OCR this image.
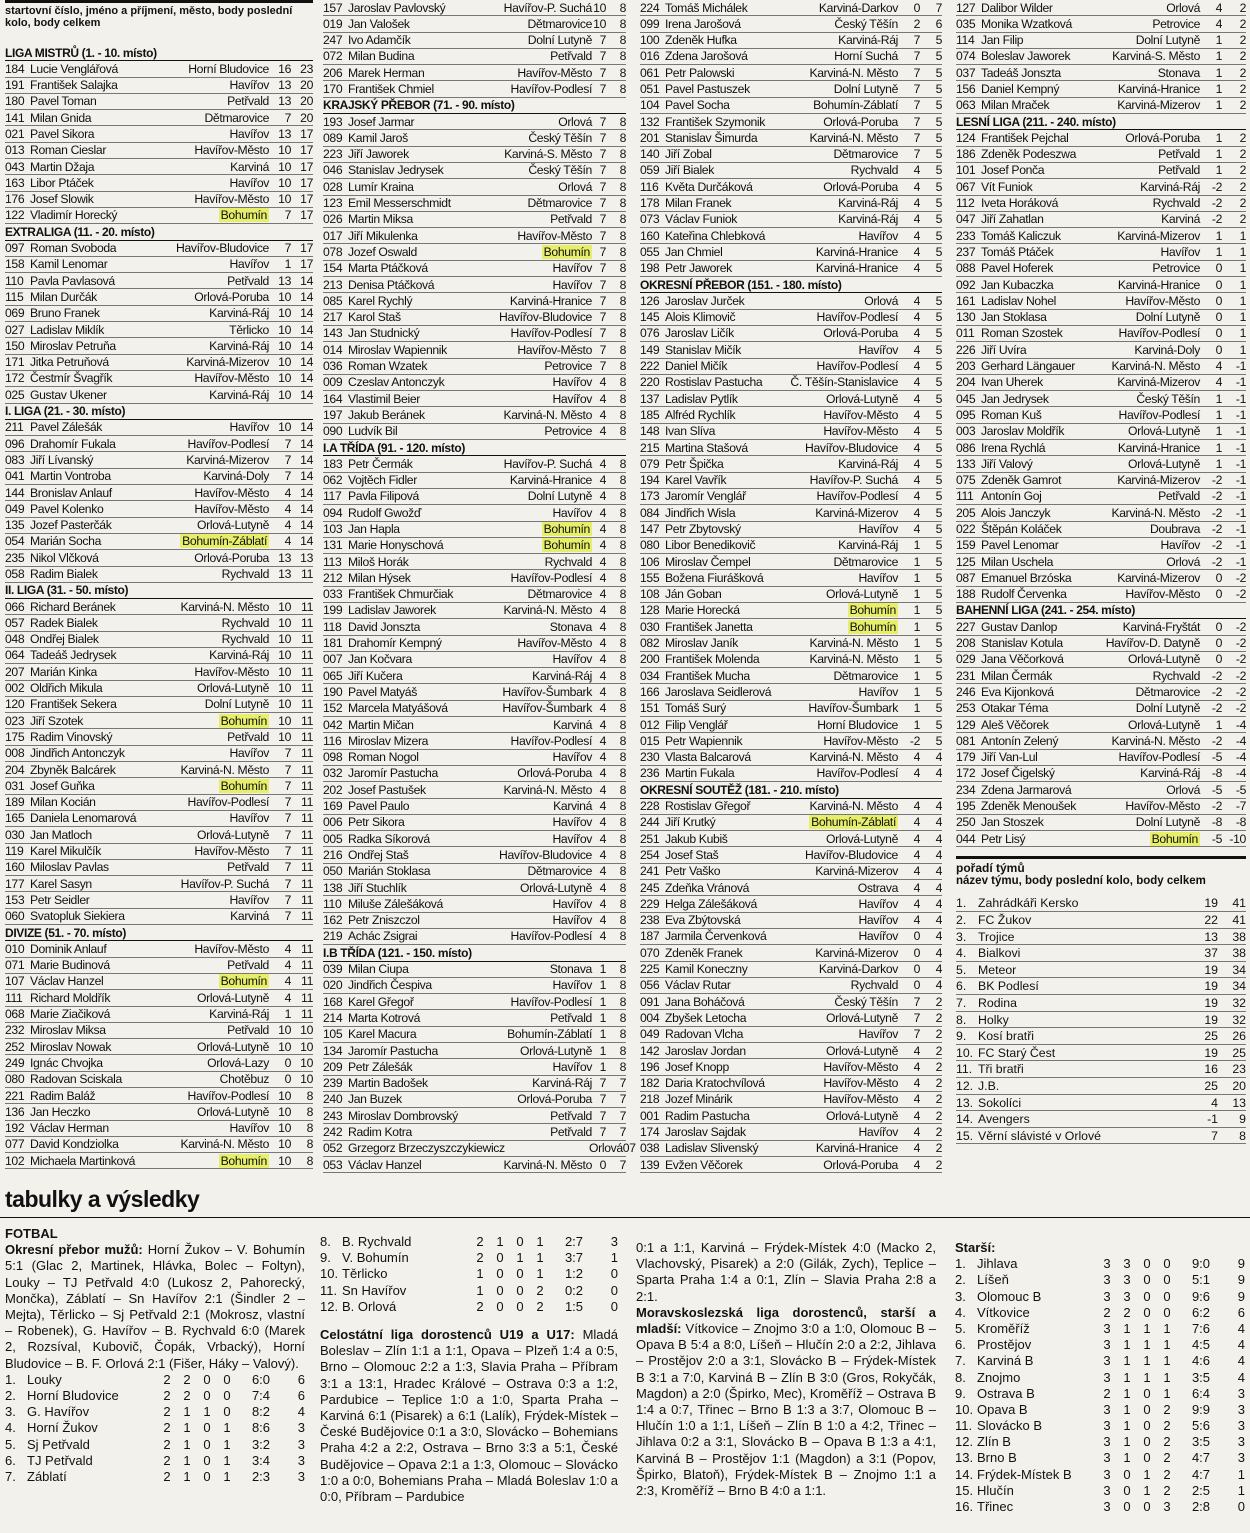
startovní číslo, jméno a příjmení, město, body poslední kolo, body celkem
LIGA MISTRŮ (1. - 10. místo)
184 Lucie Venglářová	Horní Bludovice 16 23
191 František Salajka	Havířov 13 20
180 Pavel Toman	Petřvald 13 20
141 Milan Gnida	Dětmarovice	7 20
021 Pavel Sikora	Havířov 13 17
013 Roman Cieslar	Havířov-Město 10 17
043 Martin Džaja	Karviná 10 17
163 Libor Ptáček	Havířov 10 17
176 Josef Slowik	Havířov-Město 10 17
122 Vladimír Horecký	Bohumín	7 17
EXTRALIGA (11. - 20. místo)
097 Roman Svoboda	Havířov-Bludovice	7 17
158 Kamil Lenomar	Havířov	1 17
110 Pavla Pavlasová	Petřvald 13 14
115 Milan Durčák	Orlová-Poruba 10 14
069 Bruno Franek	Karviná-Ráj 10 14
027 Ladislav Miklík	Těrlicko 10 14
150 Miroslav Petruňa	Karviná-Ráj 10 14
171 Jitka Petruňová	Karviná-Mizerov 10 14
172 Čestmír Švagřík	Havířov-Město 10 14
025 Gustav Ukener	Karviná-Ráj 10 14
I. LIGA (21. - 30. místo)
211 Pavel Zálešák	Havířov 10 14
096 Drahomír Fukala	Havířov-Podlesí	7 14
083 Jiří Lívanský	Karviná-Mizerov	7 14
041 Martin Vontroba	Karviná-Doly	7 14
144 Bronislav Anlauf	Havířov-Město	4 14
049 Pavel Kolenko	Havířov-Město	4 14
135 Jozef Pasterčák	Orlová-Lutyně	4 14
054 Marián Socha	Bohumín-Záblatí	4 14
235 Nikol Vlčková	Orlová-Poruba 13 13
058 Radim Bialek	Rychvald 13 11
II. LIGA (31. - 50. místo)
066 Richard Beránek	Karviná-N. Město 10 11
057 Radek Bialek	Rychvald 10 11
048 Ondřej Bialek	Rychvald 10 11
064 Tadeáš Jedrysek	Karviná-Ráj 10 11
207 Marián Kinka	Havířov-Město 10 11
002 Oldřich Mikula	Orlová-Lutyně 10 11
120 František Sekera	Dolní Lutyně 10 11
023 Jiří Szotek	Bohumín 10 11
175 Radim Vinovský	Petřvald 10 11
008 Jindřich Antonczyk	Havířov	7 11
204 Zbyněk Balcárek	Karviná-N. Město	7 11
031 Josef Guňka	Bohumín	7 11
189 Milan Kocián	Havířov-Podlesí	7 11
165 Daniela Lenomarová	Havířov	7 11
030 Jan Matloch	Orlová-Lutyně	7 11
119 Karel Mikulčík	Havířov-Město	7 11
160 Miloslav Pavlas	Petřvald	7 11
177 Karel Sasyn	Havířov-P. Suchá	7 11
153 Petr Seidler	Havířov	7 11
060 Svatopluk Siekiera	Karviná	7 11
DIVIZE (51. - 70. místo)
010 Dominik Anlauf	Havířov-Město	4 11
071 Marie Budinová	Petřvald	4 11
107 Václav Hanzel	Bohumín	4 11
111 Richard Moldřík	Orlová-Lutyně	4 11
068 Marie Ziačiková	Karviná-Ráj	1 11
232 Miroslav Miksa	Petřvald 10 10
252 Miroslav Nowak	Orlová-Lutyně 10 10
249 Ignác Chvojka	Orlová-Lazy	0 10
080 Radovan Sciskala	Chotěbuz	0 10
221 Radim Baláž	Havířov-Podlesí 10	8
136 Jan Heczko	Orlová-Lutyně 10	8
192 Václav Herman	Havířov 10	8
077 David Kondziolka	Karviná-N. Město 10	8
102 Michaela Martinková	Bohumín 10	8
157 Jaroslav Pavlovský	Havířov-P. Suchá 10	8
019 Jan Valošek	Dětmarovice 10	8
247 Ivo Adamčík	Dolní Lutyně 7	8
072 Milan Budina	Petřvald 7	8
206 Marek Herman	Havířov-Město 7	8
170 František Chmiel	Havířov-Podlesí 7	8
KRAJSKÝ PŘEBOR (71. - 90. místo)
193 Josef Jarmar	Orlová 7	8
089 Kamil Jaroš	Český Těšín 7	8
223 Jiří Jaworek	Karviná-S. Město 7	8
046 Stanislav Jedrysek	Český Těšín 7	8
028 Lumír Kraina	Orlová 7	8
123 Emil Messerschmidt	Dětmarovice 7	8
026 Martin Miksa	Petřvald 7	8
017 Jiří Mikulenka	Havířov-Město 7	8
078 Jozef Oswald	Bohumín 7	8
154 Marta Ptáčková	Havířov 7	8
213 Denisa Ptáčková	Havířov 7	8
085 Karel Rychlý	Karviná-Hranice 7	8
217 Karol Staš	Havířov-Bludovice 7	8
143 Jan Studnický	Havířov-Podlesí 7	8
014 Miroslav Wapiennik	Havířov-Město 7	8
036 Roman Wzatek	Petrovice 7	8
009 Czeslav Antonczyk	Havířov 4	8
164 Vlastimil Beier	Havířov 4	8
197 Jakub Beránek	Karviná-N. Město 4	8
090 Ludvík Bil	Petrovice 4	8
I.A TŘÍDA (91. - 120. místo)
183 Petr Čermák	Havířov-P. Suchá 4	8
062 Vojtěch Fidler	Karviná-Hranice 4	8
117 Pavla Filipová	Dolní Lutyně 4	8
094 Rudolf Gwožď	Havířov 4	8
103 Jan Hapla	Bohumín 4	8
131 Marie Honyschová	Bohumín 4	8
113 Miloš Horák	Rychvald 4	8
212 Milan Hýsek	Havířov-Podlesí 4	8
033 František Chmurčiak	Dětmarovice 4	8
199 Ladislav Jaworek	Karviná-N. Město 4	8
118 David Jonszta	Stonava 4	8
181 Drahomír Kempný	Havířov-Město 4	8
007 Jan Kočvara	Havířov 4	8
065 Jiří Kučera	Karviná-Ráj 4	8
190 Pavel Matyáš	Havířov-Šumbark 4	8
152 Marcela Matyášová	Havířov-Šumbark 4	8
042 Martin Mičan	Karviná 4	8
116 Miroslav Mizera	Havířov-Podlesí 4	8
098 Roman Nogol	Havířov 4	8
032 Jaromír Pastucha	Orlová-Poruba 4	8
202 Josef Pastušek	Karviná-N. Město 4	8
169 Pavel Paulo	Karviná 4	8
006 Petr Sikora	Havířov 4	8
005 Radka Síkorová	Havířov 4	8
216 Ondřej Staš	Havířov-Bludovice 4	8
050 Marián Stoklasa	Dětmarovice 4	8
138 Jiří Stuchlík	Orlová-Lutyně 4	8
110 Miluše Zálešáková	Havířov 4	8
162 Petr Zniszczol	Havířov 4	8
219 Achác Zsigrai	Havířov-Podlesí 4	8
I.B TŘÍDA (121. - 150. místo)
039 Milan Ciupa	Stonava 1	8
020 Jindřich Čespiva	Havířov 1	8
168 Karel Gřegoř	Havířov-Podlesí 1	8
214 Marta Kotrová	Petřvald 1	8
105 Karel Macura	Bohumín-Záblatí 1	8
134 Jaromír Pastucha	Orlová-Lutyně 1	8
209 Petr Zálešák	Havířov 1	8
239 Martin Badošek	Karviná-Ráj 7	7
240 Jan Buzek	Orlová-Poruba 7	7
243 Miroslav Dombrovský	Petřvald 7	7
242 Radim Kotra	Petřvald 7	7
052 Grzegorz Brzeczyszczykiewicz	Orlová 0 7
053 Václav Hanzel	Karviná-N. Město 0	7
224 Tomáš Michálek	Karviná-Darkov	0	7
099 Irena Jarošová	Český Těšín	2	6
100 Zdeněk Hufka	Karviná-Ráj	7	5
016 Zdena Jarošová	Horní Suchá	7	5
061 Petr Palowski	Karviná-N. Město	7	5
051 Pavel Pastuszek	Dolní Lutyně	7	5
104 Pavel Socha	Bohumín-Záblatí	7	5
132 František Szymonik	Orlová-Poruba	7	5
201 Stanislav Šimurda	Karviná-N. Město	7	5
140 Jiří Zobal	Dětmarovice	7	5
059 Jiří Bialek	Rychvald	4	5
116 Květa Durčáková	Orlová-Poruba	4	5
178 Milan Franek	Karviná-Ráj	4	5
073 Václav Funiok	Karviná-Ráj	4	5
160 Kateřina Chlebková	Havířov	4	5
055 Jan Chmiel	Karviná-Hranice	4	5
198 Petr Jaworek	Karviná-Hranice	4	5
OKRESNÍ PŘEBOR (151. - 180. místo)
126 Jaroslav Jurček	Orlová	4	5
145 Alois Klimovič	Havířov-Podlesí	4	5
076 Jaroslav Ličík	Orlová-Poruba	4	5
149 Stanislav Mičík	Havířov	4	5
222 Daniel Mičík	Havířov-Podlesí	4	5
220 Rostislav Pastucha	Č. Těšín-Stanislavice	4	5
137 Ladislav Pytlík	Orlová-Lutyně	4	5
185 Alfréd Rychlík	Havířov-Město	4	5
148 Ivan Slíva	Havířov-Město	4	5
215 Martina Stašová	Havířov-Bludovice	4	5
079 Petr Špička	Karviná-Ráj	4	5
194 Karel Vavřík	Havířov-P. Suchá	4	5
173 Jaromír Venglář	Havířov-Podlesí	4	5
084 Jindřich Wisla	Karviná-Mizerov	4	5
147 Petr Zbytovský	Havířov	4	5
080 Libor Benedikovič	Karviná-Ráj	1	5
106 Miroslav Čempel	Dětmarovice	1	5
155 Božena Fiurášková	Havířov	1	5
108 Ján Goban	Orlová-Lutyně	1	5
128 Marie Horecká	Bohumín	1	5
030 František Janetta	Bohumín	1	5
082 Miroslav Janík	Karviná-N. Město	1	5
200 František Molenda	Karviná-N. Město	1	5
034 František Mucha	Dětmarovice	1	5
166 Jaroslava Seidlerová	Havířov	1	5
151 Tomáš Surý	Havířov-Šumbark	1	5
012 Filip Venglář	Horní Bludovice	1	5
015 Petr Wapiennik	Havířov-Město -2	5
230 Vlasta Balcarová	Karviná-N. Město	4	4
236 Martin Fukala	Havířov-Podlesí	4	4
OKRESNÍ SOUTĚŽ (181. - 210. místo)
228 Rostislav Gřegoř	Karviná-N. Město	4	4
244 Jiří Krutký	Bohumín-Záblatí	4	4
251 Jakub Kubiš	Orlová-Lutyně	4	4
254 Josef Staš	Havířov-Bludovice	4	4
241 Petr Vaško	Karviná-Mizerov	4	4
245 Zdeňka Vránová	Ostrava	4	4
229 Helga Zálešáková	Havířov	4	4
238 Eva Zbýtovská	Havířov	4	4
187 Jarmila Červenková	Havířov	0	4
070 Zdeněk Franek	Karviná-Mizerov	0	4
225 Kamil Koneczny	Karviná-Darkov	0	4
056 Václav Rutar	Rychvald	0	4
091 Jana Boháčová	Český Těšín	7	2
004 Zbyšek Letocha	Orlová-Lutyně	7	2
049 Radovan Vlcha	Havířov	7	2
142 Jaroslav Jordan	Orlová-Lutyně	4	2
196 Josef Knopp	Havířov-Město	4	2
182 Daria Kratochvílová	Havířov-Město	4	2
218 Jozef Minárik	Havířov-Město	4	2
001 Radim Pastucha	Orlová-Lutyně	4	2
174 Jaroslav Sajdak	Havířov	4	2
038 Ladislav Slivenský	Karviná-Hranice	4	2
139 Evžen Věčorek	Orlová-Poruba	4	2
127 Dalibor Wilder	Orlová	4	2
035 Monika Wzatková	Petrovice	4	2
114 Jan Filip	Dolní Lutyně	1	2
074 Boleslav Jaworek	Karviná-S. Město	1	2
037 Tadeáš Jonszta	Stonava	1	2
156 Daniel Kempný	Karviná-Hranice	1	2
063 Milan Mraček	Karviná-Mizerov	1	2
LESNÍ LIGA (211. - 240. místo)
124 František Pejchal	Orlová-Poruba	1	2
186 Zdeněk Podeszwa	Petřvald	1	2
101 Josef Ponča	Petřvald	1	2
067 Vít Funiok	Karviná-Ráj -2	2
112 Iveta Horáková	Rychvald -2	2
047 Jiří Zahatlan	Karviná -2	2
233 Tomáš Kaliczuk	Karviná-Mizerov	1	1
237 Tomáš Ptáček	Havířov	1	1
088 Pavel Hoferek	Petrovice	0	1
092 Jan Kubaczka	Karviná-Hranice	0	1
161 Ladislav Nohel	Havířov-Město	0	1
130 Jan Stoklasa	Dolní Lutyně	0	1
011 Roman Szostek	Havířov-Podlesí	0	1
226 Jiří Uvíra	Karviná-Doly	0	1
203 Gerhard Längauer	Karviná-N. Město	4	-1
204 Ivan Uherek	Karviná-Mizerov	4	-1
045 Jan Jedrysek	Český Těšín	1	-1
095 Roman Kuš	Havířov-Podlesí	1	-1
003 Jaroslav Moldřík	Orlová-Lutyně	1	-1
086 Irena Rychlá	Karviná-Hranice	1	-1
133 Jiří Valový	Orlová-Lutyně	1	-1
075 Zdeněk Gamrot	Karviná-Mizerov -2	-1
111 Antonín Goj	Petřvald -2	-1
205 Alois Janczyk	Karviná-N. Město -2	-1
022 Štěpán Koláček	Doubrava -2	-1
159 Pavel Lenomar	Havířov -2	-1
125 Milan Uschela	Orlová -2	-1
087 Emanuel Brzóska	Karviná-Mizerov	0	-2
188 Rudolf Červenka	Havířov-Město	0	-2
BAHENNÍ LIGA (241. - 254. místo)
227 Gustav Danlop	Karviná-Fryštát	0	-2
208 Stanislav Kotula	Havířov-D. Datyně	0	-2
029 Jana Věčorková	Orlová-Lutyně	0	-2
231 Milan Čermák	Rychvald -2	-2
246 Eva Kijonková	Dětmarovice -2	-2
253 Otakar Téma	Dolní Lutyně -2	-2
129 Aleš Věčorek	Orlová-Lutyně	1	-4
081 Antonín Zelený	Karviná-N. Město -2	-4
179 Jiří Van-Lul	Havířov-Podlesí -5	-4
172 Josef Čigelský	Karviná-Ráj -8	-4
234 Zdena Jarmarová	Orlová -5	-5
195 Zdeněk Menoušek	Havířov-Město -2	-7
250 Jan Stoszek	Dolní Lutyně -8	-8
044 Petr Lisý	Bohumín	-5 -10
pořadí týmů
název týmu, body poslední kolo, body celkem
1. Zahrádkáři Kersko	19	41
2. FC Žukov	22	41
3. Trojice	13	38
4. Bialkovi	37	38
5. Meteor	19	34
6. BK Podlesí	19	34
7. Rodina	19	32
8. Holky	19	32
9. Kosí bratři	25	26
10. FC Starý Čest	19	25
11. Tři bratři	16	23
12. J.B.	25	20
13. Sokolíci	4	13
14. Avengers	-1	9
15. Věrní slávisté v Orlové	7	8
tabulky a výsledky
FOTBAL

Okresní přebor mužů: Horní Žukov – V. Bohumín 5:1 (Glac 2, Martinek, Hlávka, Bolec – Foltyn), Louky – TJ Petřvald 4:0 (Lukosz 2, Pahorecký, Mončka), Záblatí – Sn Havířov 2:1 (Šindler 2 – Mejta), Těrlicko – Sj Petřvald 2:1 (Mokrosz, vlastní – Robenek), G. Havířov – B. Rychvald 6:0 (Marek 2, Rozsíval, Kubovič, Čopák, Vrbacký), Horní Bludovice – B. F. Orlová 2:1 (Fišer, Háky – Valový).

1. Louky	2 2 0 0	6:0	6
2. Horní Bludovice	2 2 0 0	7:4	6
3. G. Havířov	2 1 1 0	8:2	4
4. Horní Žukov	2 1 0 1	8:6	3
5. Sj Petřvald	2 1 0 1	3:2	3
6. TJ Petřvald	2 1 0 1	3:4	3
7. Záblatí	2 1 0 1	2:3	3
8. B. Rychvald	2 1 0 1	2:7	3
9. V. Bohumín	2 0 1 1	3:7	1
10. Těrlicko	1 0 0 1	1:2	0
11. Sn Havířov	1 0 0 2	0:2	0
12. B. Orlová	2 0 0 2	1:5	0

Celostátní liga dorostenců U19 a U17: Mladá Boleslav – Zlín 1:1 a 1:1, Opava – Plzeň 1:4 a 0:5, Brno – Olomouc 2:2 a 1:3, Slavia Praha – Příbram 3:1 a 13:1, Hradec Králové – Ostrava 0:3 a 1:2, Pardubice – Teplice 1:0 a 1:0, Sparta Praha – Karviná 6:1 (Pisarek) a 6:1 (Lalík), Frýdek-Místek – České Budějovice 0:1 a 3:0, Slovácko – Bohemians Praha 4:2 a 2:2, Ostrava – Brno 3:3 a 5:1, České Budějovice – Opava 2:1 a 1:3, Olomouc – Slovácko 1:0 a 0:0, Bohemians Praha – Mladá Boleslav 1:0 a 0:0, Příbram – Pardubice

0:1 a 1:1, Karviná – Frýdek-Místek 4:0 (Macko 2, Vlachovský, Pisarek) a 2:0 (Gilák, Zych), Teplice – Sparta Praha 1:4 a 0:1, Zlín – Slavia Praha 2:8 a 2:1.

Moravskoslezská liga dorostenců, starší a mladší: Vítkovice – Znojmo 3:0 a 1:0, Olomouc B – Opava B 5:4 a 8:0, Líšeň – Hlučín 2:0 a 2:2, Jihlava – Prostějov 2:0 a 3:1, Slovácko B – Frýdek-Místek B 3:1 a 7:0, Karviná B – Zlín B 3:0 (Gros, Rokyčák, Magdon) a 2:0 (Špirko, Mec), Kroměříž – Ostrava B 1:4 a 0:7, Třinec – Brno B 1:3 a 3:7, Olomouc B – Hlučín 1:0 a 1:1, Líšeň – Zlín B 1:0 a 4:2, Třinec – Jihlava 0:2 a 3:1, Slovácko B – Opava B 1:3 a 4:1, Karviná B – Prostějov 1:1 (Magdon) a 3:1 (Popov, Špirko, Blatoň), Frýdek-Místek B – Znojmo 1:1 a 2:3, Kroměříž – Brno B 4:0 a 1:1.

Starší:
1. Jihlava	3 3 0 0	9:0	9
2. Líšeň	3 3 0 0	5:1	9
3. Olomouc B	3 3 0 0	9:6	9
4. Vítkovice	2 2 0 0	6:2	6
5. Kroměříž	3 1 1 1	7:6	4
6. Prostějov	3 1 1 1	4:5	4
7. Karviná B	3 1 1 1	4:6	4
8. Znojmo	3 1 1 1	3:5	4
9. Ostrava B	2 1 0 1	6:4	3
10. Opava B	3 1 0 2	9:9	3
11. Slovácko B	3 1 0 2	5:6	3
12. Zlín B	3 1 0 2	3:5	3
13. Brno B	3 1 0 2	4:7	3
14. Frýdek-Místek B	3 0 1 2	4:7	1
15. Hlučín	3 0 1 2	2:5	1
16. Třinec	3 0 0 3	2:8	0
